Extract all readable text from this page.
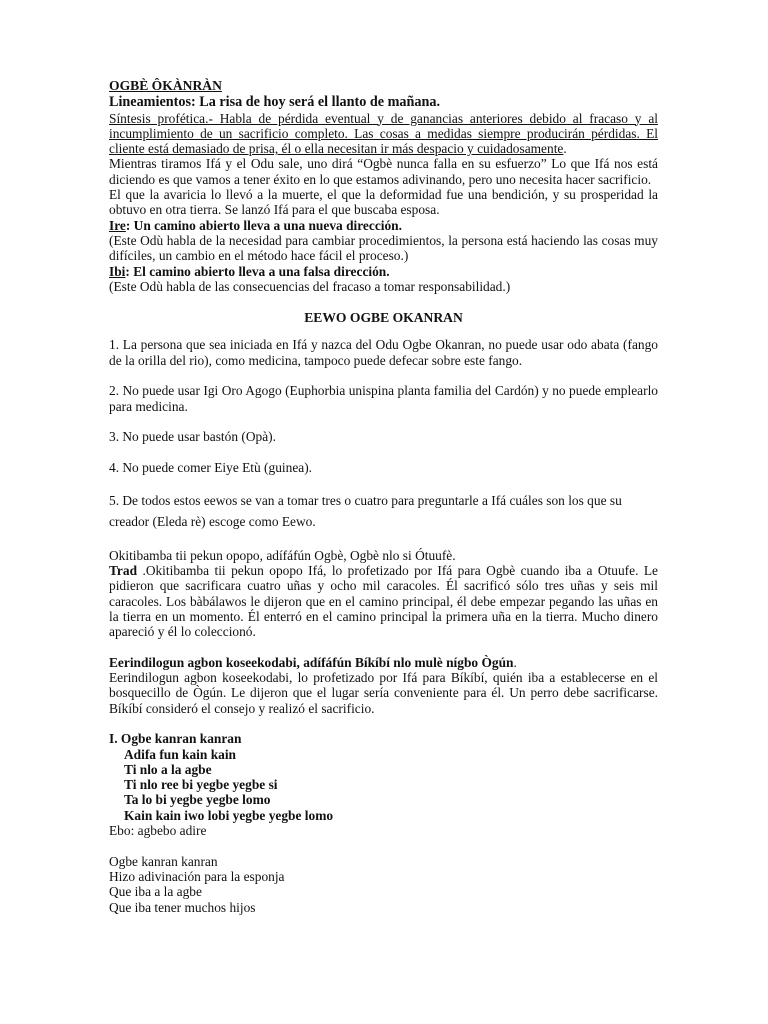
OGBÈ ÔKÀNRÀN

Lineamientos: La risa de hoy será el llanto de mañana.

Síntesis profética.- Habla de pérdida eventual y de ganancias anteriores debido al fracaso y al incumplimiento de un sacrificio completo. Las cosas a medidas siempre producirán pérdidas. El cliente está demasiado de prisa, él o ella necesitan ir más despacio y cuidadosamente.

Mientras tiramos Ifá y el Odu sale, uno dirá “Ogbè nunca falla en su esfuerzo” Lo que Ifá nos está diciendo es que vamos a tener éxito en lo que estamos adivinando, pero uno necesita hacer sacrificio.

El que la avaricia lo llevó a la muerte, el que la deformidad fue una bendición, y su prosperidad la obtuvo en otra tierra. Se lanzó Ifá para el que buscaba esposa.

Ire: Un camino abierto lleva a una nueva dirección.

(Este Odù habla de la necesidad para cambiar procedimientos, la persona está haciendo las cosas muy difíciles, un cambio en el método hace fácil el proceso.)

Ibi: El camino abierto lleva a una falsa dirección.

(Este Odù habla de las consecuencias del fracaso a tomar responsabilidad.)

EEWO OGBE OKANRAN

1. La persona que sea iniciada en Ifá y nazca del Odu Ogbe Okanran, no puede usar odo abata (fango de la orilla del rio), como medicina, tampoco puede defecar sobre este fango.

2. No puede usar Igi Oro Agogo (Euphorbia unispina planta familia del Cardón) y no puede emplearlo para medicina.

3. No puede usar bastón (Opà).

4. No puede comer Eiye Etù (guinea).

5. De todos estos eewos se van a tomar tres o cuatro para preguntarle a Ifá cuáles son los que su creador (Eleda rè) escoge como Eewo.

Okitibamba tii pekun opopo, adífáfún Ogbè, Ogbè nlo si Ótuufè.

Trad .Okitibamba tii pekun opopo Ifá, lo profetizado por Ifá para Ogbè cuando iba a Otuufe. Le pidieron que sacrificara cuatro uñas y ocho mil caracoles. Él sacrificó sólo tres uñas y seis mil caracoles. Los bàbálawos le dijeron que en el camino principal, él debe empezar pegando las uñas en la tierra en un momento. Él enterró en el camino principal la primera uña en la tierra. Mucho dinero apareció y él lo coleccionó.

Eerindilogun agbon koseekodabi, adífáfún Bíkíbí nlo mulè nígbo Ògún.

Eerindilogun agbon koseekodabi, lo profetizado por Ifá para Bíkíbí, quién iba a establecerse en el bosquecillo de Ògún. Le dijeron que el lugar sería conveniente para él. Un perro debe sacrificarse. Bíkíbí consideró el consejo y realizó el sacrificio.

I. Ogbe kanran kanran

Adifa fun kain kain

Ti nlo a la agbe

Ti nlo ree bi yegbe yegbe si

Ta lo bi yegbe yegbe lomo

Kain kain iwo lobi yegbe yegbe lomo

Ebo: agbebo adire

Ogbe kanran kanran

Hizo adivinación para la esponja

Que iba a la agbe

Que iba tener muchos hijos
